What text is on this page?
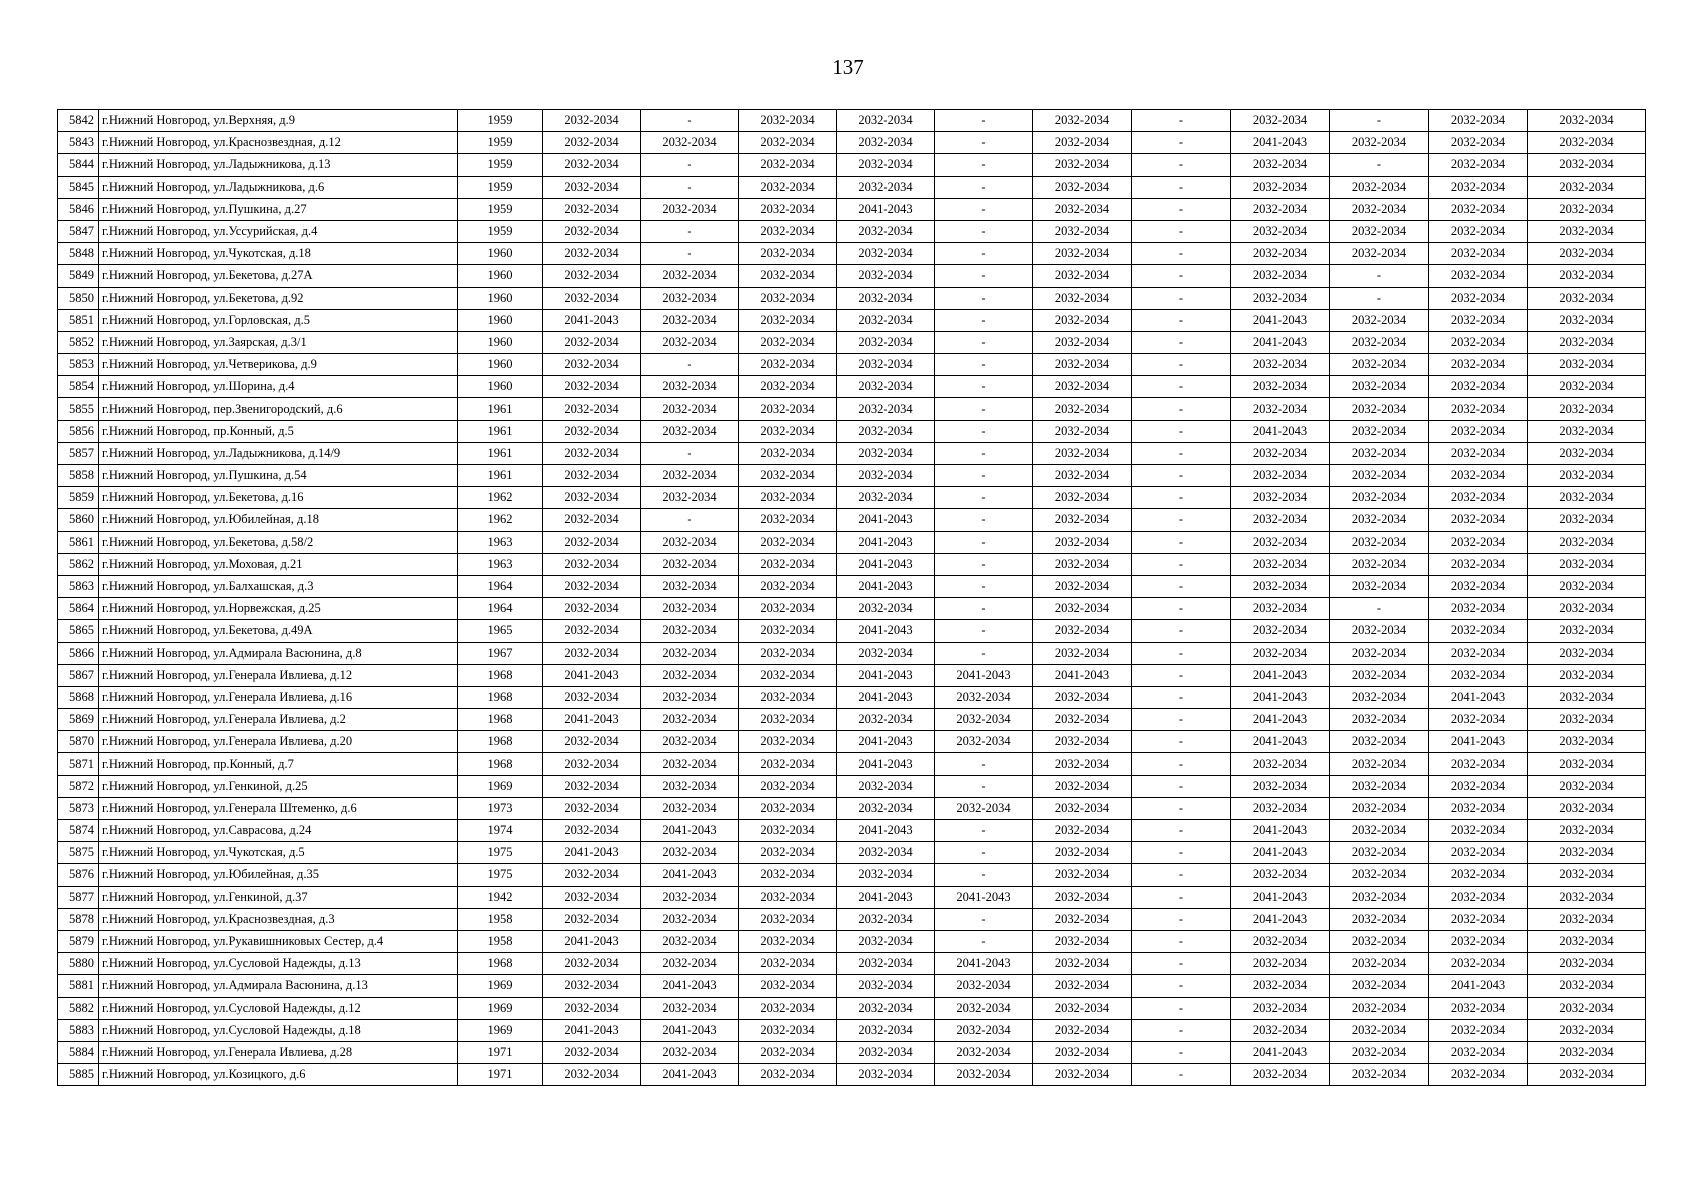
137
5842	г.Нижний Новгород, ул.Верхняя, д.9	1959	2032-2034	-	2032-2034	2032-2034	-	2032-2034	-	2032-2034	-	2032-2034	2032-2034
5843	г.Нижний Новгород, ул.Краснозвездная, д.12	1959	2032-2034	2032-2034	2032-2034	2032-2034	-	2032-2034	-	2041-2043	2032-2034	2032-2034	2032-2034
5844	г.Нижний Новгород, ул.Ладыжникова, д.13	1959	2032-2034	-	2032-2034	2032-2034	-	2032-2034	-	2032-2034	-	2032-2034	2032-2034
5845	г.Нижний Новгород, ул.Ладыжникова, д.6	1959	2032-2034	-	2032-2034	2032-2034	-	2032-2034	-	2032-2034	2032-2034	2032-2034	2032-2034
5846	г.Нижний Новгород, ул.Пушкина, д.27	1959	2032-2034	2032-2034	2032-2034	2041-2043	-	2032-2034	-	2032-2034	2032-2034	2032-2034	2032-2034
5847	г.Нижний Новгород, ул.Уссурийская, д.4	1959	2032-2034	-	2032-2034	2032-2034	-	2032-2034	-	2032-2034	2032-2034	2032-2034	2032-2034
5848	г.Нижний Новгород, ул.Чукотская, д.18	1960	2032-2034	-	2032-2034	2032-2034	-	2032-2034	-	2032-2034	2032-2034	2032-2034	2032-2034
5849	г.Нижний Новгород, ул.Бекетова, д.27А	1960	2032-2034	2032-2034	2032-2034	2032-2034	-	2032-2034	-	2032-2034	-	2032-2034	2032-2034
5850	г.Нижний Новгород, ул.Бекетова, д.92	1960	2032-2034	2032-2034	2032-2034	2032-2034	-	2032-2034	-	2032-2034	-	2032-2034	2032-2034
5851	г.Нижний Новгород, ул.Горловская, д.5	1960	2041-2043	2032-2034	2032-2034	2032-2034	-	2032-2034	-	2041-2043	2032-2034	2032-2034	2032-2034
5852	г.Нижний Новгород, ул.Заярская, д.3/1	1960	2032-2034	2032-2034	2032-2034	2032-2034	-	2032-2034	-	2041-2043	2032-2034	2032-2034	2032-2034
5853	г.Нижний Новгород, ул.Четверикова, д.9	1960	2032-2034	-	2032-2034	2032-2034	-	2032-2034	-	2032-2034	2032-2034	2032-2034	2032-2034
5854	г.Нижний Новгород, ул.Шорина, д.4	1960	2032-2034	2032-2034	2032-2034	2032-2034	-	2032-2034	-	2032-2034	2032-2034	2032-2034	2032-2034
5855	г.Нижний Новгород, пер.Звенигородский, д.6	1961	2032-2034	2032-2034	2032-2034	2032-2034	-	2032-2034	-	2032-2034	2032-2034	2032-2034	2032-2034
5856	г.Нижний Новгород, пр.Конный, д.5	1961	2032-2034	2032-2034	2032-2034	2032-2034	-	2032-2034	-	2041-2043	2032-2034	2032-2034	2032-2034
5857	г.Нижний Новгород, ул.Ладыжникова, д.14/9	1961	2032-2034	-	2032-2034	2032-2034	-	2032-2034	-	2032-2034	2032-2034	2032-2034	2032-2034
5858	г.Нижний Новгород, ул.Пушкина, д.54	1961	2032-2034	2032-2034	2032-2034	2032-2034	-	2032-2034	-	2032-2034	2032-2034	2032-2034	2032-2034
5859	г.Нижний Новгород, ул.Бекетова, д.16	1962	2032-2034	2032-2034	2032-2034	2032-2034	-	2032-2034	-	2032-2034	2032-2034	2032-2034	2032-2034
5860	г.Нижний Новгород, ул.Юбилейная, д.18	1962	2032-2034	-	2032-2034	2041-2043	-	2032-2034	-	2032-2034	2032-2034	2032-2034	2032-2034
5861	г.Нижний Новгород, ул.Бекетова, д.58/2	1963	2032-2034	2032-2034	2032-2034	2041-2043	-	2032-2034	-	2032-2034	2032-2034	2032-2034	2032-2034
5862	г.Нижний Новгород, ул.Моховая, д.21	1963	2032-2034	2032-2034	2032-2034	2041-2043	-	2032-2034	-	2032-2034	2032-2034	2032-2034	2032-2034
5863	г.Нижний Новгород, ул.Балхашская, д.3	1964	2032-2034	2032-2034	2032-2034	2041-2043	-	2032-2034	-	2032-2034	2032-2034	2032-2034	2032-2034
5864	г.Нижний Новгород, ул.Норвежская, д.25	1964	2032-2034	2032-2034	2032-2034	2032-2034	-	2032-2034	-	2032-2034	-	2032-2034	2032-2034
5865	г.Нижний Новгород, ул.Бекетова, д.49А	1965	2032-2034	2032-2034	2032-2034	2041-2043	-	2032-2034	-	2032-2034	2032-2034	2032-2034	2032-2034
5866	г.Нижний Новгород, ул.Адмирала Васюнина, д.8	1967	2032-2034	2032-2034	2032-2034	2032-2034	-	2032-2034	-	2032-2034	2032-2034	2032-2034	2032-2034
5867	г.Нижний Новгород, ул.Генерала Ивлиева, д.12	1968	2041-2043	2032-2034	2032-2034	2041-2043	2041-2043	2041-2043	-	2041-2043	2032-2034	2032-2034	2032-2034
5868	г.Нижний Новгород, ул.Генерала Ивлиева, д.16	1968	2032-2034	2032-2034	2032-2034	2041-2043	2032-2034	2032-2034	-	2041-2043	2032-2034	2041-2043	2032-2034
5869	г.Нижний Новгород, ул.Генерала Ивлиева, д.2	1968	2041-2043	2032-2034	2032-2034	2032-2034	2032-2034	2032-2034	-	2041-2043	2032-2034	2032-2034	2032-2034
5870	г.Нижний Новгород, ул.Генерала Ивлиева, д.20	1968	2032-2034	2032-2034	2032-2034	2041-2043	2032-2034	2032-2034	-	2041-2043	2032-2034	2041-2043	2032-2034
5871	г.Нижний Новгород, пр.Конный, д.7	1968	2032-2034	2032-2034	2032-2034	2041-2043	-	2032-2034	-	2032-2034	2032-2034	2032-2034	2032-2034
5872	г.Нижний Новгород, ул.Генкиной, д.25	1969	2032-2034	2032-2034	2032-2034	2032-2034	-	2032-2034	-	2032-2034	2032-2034	2032-2034	2032-2034
5873	г.Нижний Новгород, ул.Генерала Штеменко, д.6	1973	2032-2034	2032-2034	2032-2034	2032-2034	2032-2034	2032-2034	-	2032-2034	2032-2034	2032-2034	2032-2034
5874	г.Нижний Новгород, ул.Саврасова, д.24	1974	2032-2034	2041-2043	2032-2034	2041-2043	-	2032-2034	-	2041-2043	2032-2034	2032-2034	2032-2034
5875	г.Нижний Новгород, ул.Чукотская, д.5	1975	2041-2043	2032-2034	2032-2034	2032-2034	-	2032-2034	-	2041-2043	2032-2034	2032-2034	2032-2034
5876	г.Нижний Новгород, ул.Юбилейная, д.35	1975	2032-2034	2041-2043	2032-2034	2032-2034	-	2032-2034	-	2032-2034	2032-2034	2032-2034	2032-2034
5877	г.Нижний Новгород, ул.Генкиной, д.37	1942	2032-2034	2032-2034	2032-2034	2041-2043	2041-2043	2032-2034	-	2041-2043	2032-2034	2032-2034	2032-2034
5878	г.Нижний Новгород, ул.Краснозвездная, д.3	1958	2032-2034	2032-2034	2032-2034	2032-2034	-	2032-2034	-	2041-2043	2032-2034	2032-2034	2032-2034
5879	г.Нижний Новгород, ул.Рукавишниковых Сестер, д.4	1958	2041-2043	2032-2034	2032-2034	2032-2034	-	2032-2034	-	2032-2034	2032-2034	2032-2034	2032-2034
5880	г.Нижний Новгород, ул.Сусловой Надежды, д.13	1968	2032-2034	2032-2034	2032-2034	2032-2034	2041-2043	2032-2034	-	2032-2034	2032-2034	2032-2034	2032-2034
5881	г.Нижний Новгород, ул.Адмирала Васюнина, д.13	1969	2032-2034	2041-2043	2032-2034	2032-2034	2032-2034	2032-2034	-	2032-2034	2032-2034	2041-2043	2032-2034
5882	г.Нижний Новгород, ул.Сусловой Надежды, д.12	1969	2032-2034	2032-2034	2032-2034	2032-2034	2032-2034	2032-2034	-	2032-2034	2032-2034	2032-2034	2032-2034
5883	г.Нижний Новгород, ул.Сусловой Надежды, д.18	1969	2041-2043	2041-2043	2032-2034	2032-2034	2032-2034	2032-2034	-	2032-2034	2032-2034	2032-2034	2032-2034
5884	г.Нижний Новгород, ул.Генерала Ивлиева, д.28	1971	2032-2034	2032-2034	2032-2034	2032-2034	2032-2034	2032-2034	-	2041-2043	2032-2034	2032-2034	2032-2034
5885	г.Нижний Новгород, ул.Козицкого, д.6	1971	2032-2034	2041-2043	2032-2034	2032-2034	2032-2034	2032-2034	-	2032-2034	2032-2034	2032-2034	2032-2034
